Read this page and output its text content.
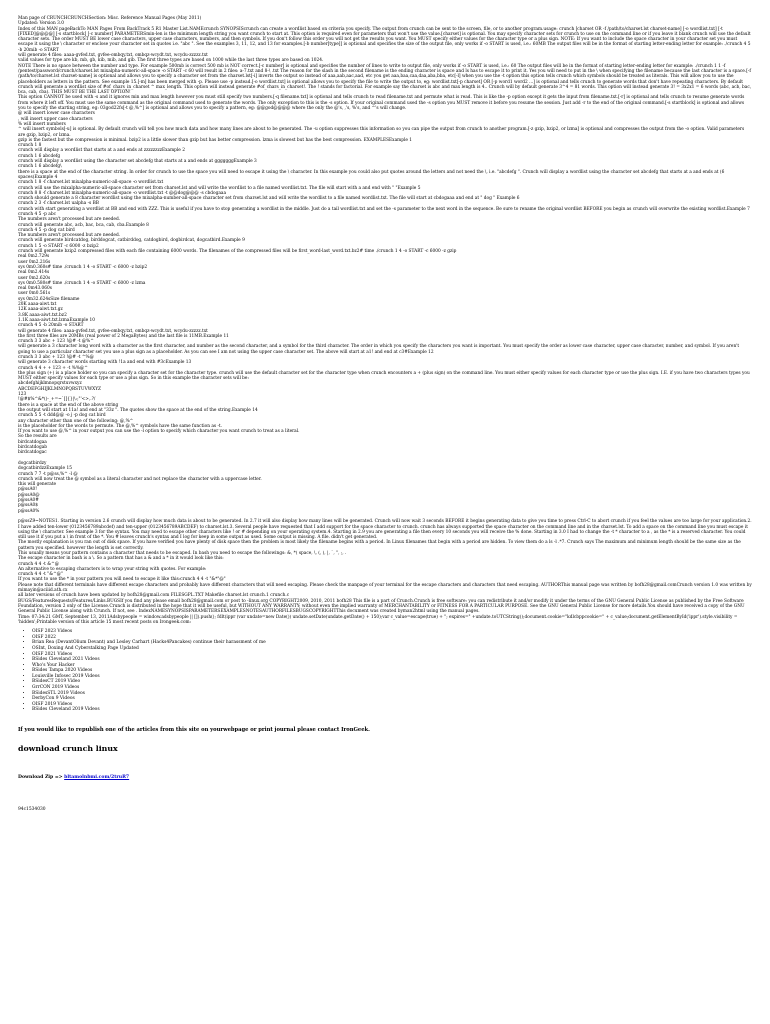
Man page of CRUNCHCRUNCHSection: Misc. Reference Manual Pages (May 2011)

Updated: Version 3.0

Index of this MAN pageBackTo MAN Pages From BackTrack 5 R1 Master List.NAMEcrunch SYNOPSIScrunch can create a wordlist based on criteria you specify. The output from crunch can be sent to the screen, file, or to another program.usage: crunch [charset OR -f /path/to/charset.lst charset-name] [-o wordlist.txt] [-t [FIXED]@@@@] [-s startblock] [-c number] PARAMETERSmin-len is the minimum length string you want crunch to start at. This option is required even for parameters that won't use the value.[charset] is optional. You may specify character sets for crunch to use on the command line or if you leave it blank crunch will use the default character sets. The order MUST BE lower case characters, upper case characters, numbers, and then symbols. If you don't follow this order you will not get the results you want. You MUST specify either values for the character type or a plus sign. NOTE: If you want to include the space character in your character set you must escape it using the \ character or enclose your character set in quotes i.e. "abc ". See the examples 3, 11, 12, and 13 for examples.[-b number[type]] is optional and specifies the size of the output file, only works if -o START is used, i.e.: 60MB The output files will be in the format of starting letter-ending letter for example: ./crunch 4 5 -b 20mib -o START

will generate 4 files: aaaa-gvfed.txt, gvfee-ombqy.txt, ombqz-wcydt.txt, wcydu-zzzzz.txt

valid values for type are kb, mb, gb, kib, mib, and gib. The first three types are based on 1000 while the last three types are based on 1024.

NOTE There is no space between the number and type. For example 500mb is correct 500 mb is NOT correct.[-c number] is optional and specifies the number of lines to write to output file, only works if -o START is used, i.e.: 60 The output files will be in the format of starting letter-ending letter for example: ./crunch 1 1 -f /pentest/password/crunch/charset.lst mixalpha-numeric-all-space -o START -c 60 will result in 2 files: a-7.txt and 8-\ .txt The reason for the slash in the second filename is the ending character is space and ls has to escape it to print it. Yes you will need to put in the \ when specifying the filename because the last character is a space.[-f /path/to/charset.lst charset-name] is optional and allows you to specify a character set from the charset.lst[-i] inverts the output so instead of aaa,aab,aac,aad, etc you get aaa,baa,caa,daa,aba,bba, etc[-l] when you use the -t option this option tells crunch which symbols should be treated as literals. This will allow you to use the placeholders as letters in the pattern. See example 15.[-m] has been merged with -p. Please use -p instead.[-o wordlist.txt] is optional allows you to specify the file to write the output to, eg: wordlist.txt[-p charset] OR [-p word1 word2 ...] is optional and tells crunch to generate words that don't have repeating characters. By default crunch will generate a wordlist size of #of_chars_in_charset ^ max_length. This option will instead generate #of_chars_in_charset!. The ! stands for factorial. For example say the charset is abc and max length is 4.. Crunch will by default generate 3^4 = 81 words. This option will instead generate 3! = 3x2x1 = 6 words (abc, acb, bac, bca, cab, cba). THIS MUST BE THE LAST OPTION!

This option CANNOT be used with -s and it ignores min and max length however you must still specify two numbers.[-q filename.txt] is optional and tells crunch to read filename.txt and permute what is read. This is like the -p option except it gets the input from filename.txt.[-r] is optional and tells crunch to resume generate words from where it left off. You must use the same command as the original command used to generate the words. The only exception to this is the -s option. If your original command used the -s option you MUST remove it before you resume the session. Just add -r to the end of the original command.[-s startblock] is optional and allows you to specify the starting string, eg: 03god22fs[-t @,%^] is optional and allows you to specify a pattern, eg: @@god@@@@ where the only the @'s, ,'s, %'s, and ^'s will change.

@ will insert lower case characters

, will insert upper case characters

% will insert numbers

^ will insert symbols[-u] is optional. By default crunch will tell you how much data and how many lines are about to be generated. The -u option suppresses this information so you can pipe the output from crunch to another program.[-z gzip, bzip2, or lzma] is optional and compresses the output from the -o option. Valid parameters are gzip, bzip2, or lzma.

gzip is the fastest but the compression is minimal. bzip2 is a little slower than gzip but has better compression. lzma is slowest but has the best compression. EXAMPLESExample 1

crunch 1 8

crunch will display a wordlist that starts at a and ends at zzzzzzzzExample 2

crunch 1 6 abcdefg

crunch will display a wordlist using the character set abcdefg that starts at a and ends at gggggggExample 3

crunch 1 6 abcdefg\

there is a space at the end of the character string. In order for crunch to use the space you will need to escape it using the \ character. In this example you could also put quotes around the letters and not need the \, i.e. "abcdefg ". Crunch will display a wordlist using the character set abcdefg that starts at a and ends at (6 spaces)Example 4

crunch 1 8 -f charset.lst mixalpha-numeric-all-space -o wordlist.txt

crunch will use the mixalpha-numeric-all-space character set from charset.lst and will write the wordlist to a file named wordlist.txt. The file will start with a and end with " "Example 5

crunch 8 8 -f charset.lst mixalpha-numeric-all-space -o wordlist.txt -t @@dog@@@ -s cbdogaaa

crunch should generate a 8 character wordlist using the mixalpha-number-all-space character set from charset.lst and will write the wordlist to a file named wordlist.txt. The file will start at cbdogaaa and end at " dog " Example 6

crunch 2 3 -f charset.lst ualpha -s BB

crunch with start generating a wordlist at BB and end with ZZZ. This is useful if you have to stop generating a wordlist in the middle. Just do a tail wordlist.txt and set the -s parameter to the next word in the sequence. Be sure to rename the original wordlist BEFORE you begin as crunch will overwrite the existing wordlist.Example 7

crunch 4 5 -p abc

The numbers aren't processed but are needed.

crunch will generate abc, acb, bac, bca, cab, cba.Example 8

crunch 4 5 -p dog cat bird

The numbers aren't processed but are needed.

crunch will generate birdcatdog, birddogcat, catbirddog, catdogbird, dogbirdcat, dogcatbird.Example 9

crunch 1 5 -o START -c 6000 -z bzip2

crunch will generate bzip2 compressed files with each file containing 6000 words. The filenames of the compressed files will be first_word-last_word.txt.bz2# time ./crunch 1 4 -o START -c 6000 -z gzip

real 0m2.729s

user 0m2.216s

sys 0m0.360s# time ./crunch 1 4 -o START -c 6000 -z bzip2

real 0m2.414s

user 0m2.620s

sys 0m0.580s# time ./crunch 1 4 -o START -c 6000 -z lzma

real 0m43.060s

user 0m0.561s

sys 0m32.624sSize filename

20K aaaa-aiwt.txt

12K aaaa-aiwt.txt.gz

3.8K aaaa-aiwt.txt.bz2

1.1K aaaa-aiwt.txt.lzmaExample 10

crunch 4 5 -b 20mib -o START

will generate 4 files: aaaa-gvfed.txt, gvfee-ombqy.txt, ombqz-wcydt.txt, wcydu-zzzzz.txt

the first three files are 20MBs (real power of 2 MegaBytes) and the last file is 11MB.Example 11

crunch 3 3 abc + 123 !@# -t @%^

will generate a 3 character long word with a character as the first character, and number as the second character, and a symbol for the third character. The order in which you specify the characters you want is important. You must specify the order as lower case character, upper case character, number, and symbol. If you aren't going to use a particular character set you use a plus sign as a placeholder. As you can see I am not using the upper case character set. The above will start at a1! and end at c3#Example 12

crunch 3 3 abc + 123 !@# -t ^%@

will generate 3 character words starting with !1a and end with #3cExample 13

crunch 4 4 + + 123 + -t %%@^

the plus sign (+) is a place holder so you can specify a character set for the character type. crunch will use the default character set for the character type when crunch encounters a + (plus sign) on the command line. You must either specify values for each character type or use the plus sign. I.E. if you have two characters types you MUST either specify values for each type or use a plus sign. So in this example the character sets will be:

abcdefghijklmnopqrstuvwxyz

ABCDEFGHIJKLMNOPQRSTUVWXYZ

123

!@#$%^&*()-_+=~`[]{}|\:;"'<>,.?/

there is a space at the end of the above string

the output will start at 11a! and end at "33z ". The quotes show the space at the end of the string.Example 14

crunch 5 5 -t ddd@@ -o j -p dog cat bird

any character other than one of the following: @,%^

is the placeholder for the words to permute. The @,%^ symbols have the same function as -t.

If you want to use @,%^ in your output you can use the -l option to specify which character you want crunch to treat as a literal.

So the results are

birdcatdogaa

birdcatdogab

birdcatdogac

dogcatbirdzy

dogcatbirdzzExample 15

crunch 7 7 -t p@ss,%^ -l @

crunch will now treat the @ symbol as a literal character and not replace the character with a uppercase letter.

this will generate

p@ssA0!

p@ssA0@

p@ssA0#

p@ssA0$

p@ssA0%

p@ssZ9~NOTES1. Starting in version 2.6 crunch will display how much data is about to be generated. In 2.7 it will also display how many lines will be generated. Crunch will now wait 3 seconds BEFORE it begins generating data to give you time to press Ctrl-C to abort crunch if you feel the values are too large for your application.2. I have added ten-lower (0123456789abcdef) and ten-upper (0123456789ABCDEF) to charset.lst.3. Several people have requested that I add support for the space character to crunch. crunch has always supported the space character on the command line and in the charset.lst. To add a space on the command line you must escape it using the \ character. See example 3 for the syntax. You may need to escape other characters like ! or # depending on your operating system.4. Starting in 2.9 you are generating a file then every 10 seconds you will receive the % done. Starting in 3.0 I had to change the -t * character to a , as the * is a reserved character. You could still use it if you put a \ in front of the *. You # leaves crunch's syntax and I log for keep in some output as used. Some output is missing. A file. didn't get generated.

The mostly explanation is you ran out of disk space. If you have verified you have plenty of disk space then the problem is most likely the filename begins with a period. In Linux filenames that begin with a period are hidden. To view them do a ls -l .*7. Crunch says The maximum and minimum length should be the same size as the pattern you specified. however the length is set correctly.

This usually means your pattern contains a character that needs to be escaped. In bash you need to escape the followings: &, *( space, \, (, ), |, `, ", ;, .

The escape character in bash is a \. So a pattern that has a & and a * in it would look like this:

crunch 4 4 -t &^@

An alternative to escaping characters is to wrap your string with quotes. For example:

crunch 4 4 -t "&^@"

If you want to use the * in your pattern you will need to escape it like this:crunch 4 4 -t "&*"@"

Please note that different terminals have different escape characters and probably have different characters that will need escaping. Please check the manpage of your terminal for the escape characters and characters that need escaping. AUTHORThis manual page was written by bofh28@gmail.comCrunch version 1.0 was written by mimayin@aciiid.ath.cx

all later versions of crunch have been updated by bofh28@gmail.com FILESGPL.TXT Makefile charset.lst crunch.1 crunch.c

BUGS/FeaturesRequests/Features/Links.BUGSIf you find any please email bofh28@gmail.com or post to -linux.org COPYRIGHT2009, 2010, 2011 bofh28 This file is a part of Crunch.Crunch is free software: you can redistribute it and/or modify it under the terms of the GNU General Public License as published by the Free Software Foundation, version 2 only of the License.Crunch is distributed in the hope that it will be useful, but WITHOUT ANY WARRANTY; without even the implied warranty of MERCHANTABILITY or FITNESS FOR A PARTICULAR PURPOSE. See the GNU General Public License for more details.You should have received a copy of the GNU General Public License along with Crunch. If not, see . IndexNAMESYNOPSISPARAMETERSEXAMPLESNOTESAUTHORFILESBUGSCOPYRIGHTThis document was created byman2html using the manual pages.

Time: 07:34:21 GMT, September 13, 2011Adsbypeople = window.adsbypeople || []).push(); fdlt(ippr (var undate=new Date()) undate.setDate(undate.getDate() + 150);var c_value=escape(true) + "; expires=" +undate.toUTCString();document.cookie="kdlcbppcookie=" + c_value;document.getElementById('ippr').style.visibility = 'hidden';Printable version of this article 15 most recent posts on Irongeek.com:

• OISF 2023 Videos
• OISF 2022
• Brian Rea (DevantOlium Devant) and Lesley Carhart (Hacks4Pancakes) continue their harassment of me
• OSInt, Doxing And Cyberstalking Page Updated
• OISF 2021 Videos
• BSides Cleveland 2021 Videos
• Who's Your Hacker
• BSides Tampa 2020 Videos
• Louisville Infosec 2019 Videos
• BSidesCT 2019 Video
• GrrCON 2019 Videos
• BSidesSTL 2019 Videos
• DerbyCon 9 Videos
• OISF 2019 Videos
• BSides Cleveland 2019 Videos

If you would like to republish one of the articles from this site on yourwebpage or print journal please contact IronGeek.

download crunch linux

Download Zip => bltamolnbmi.com/2truR7

94c1534030
